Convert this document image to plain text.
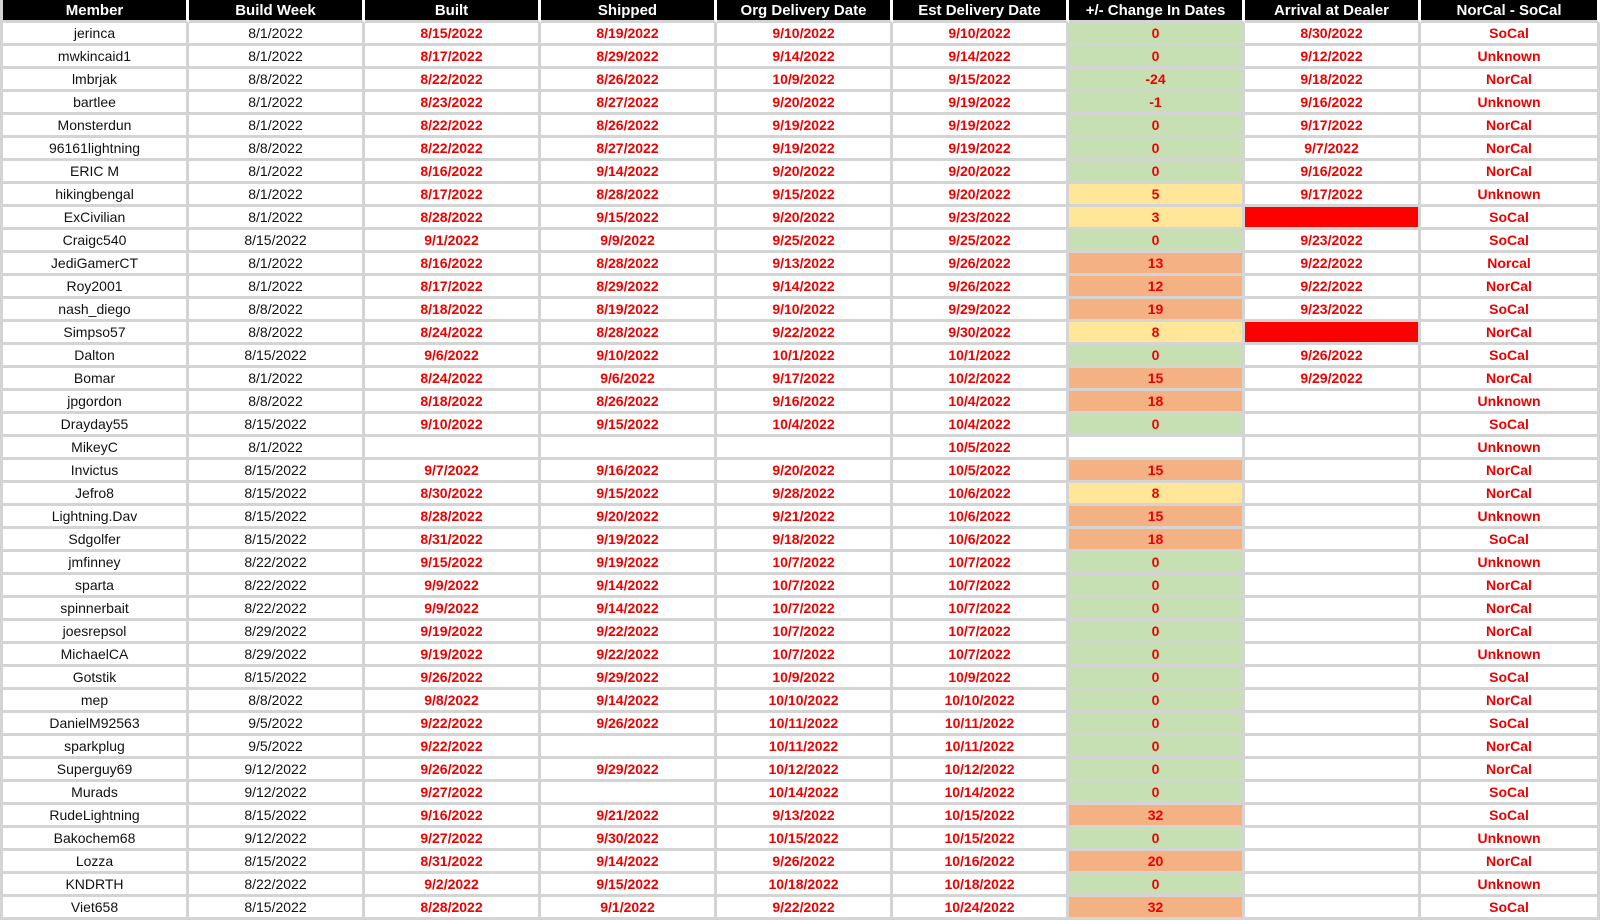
Member	Build Week	Built	Shipped	Org Delivery Date	Est Delivery Date	+/- Change In Dates	Arrival at Dealer	NorCal - SoCal
jerinca	8/1/2022	8/15/2022	8/19/2022	9/10/2022	9/10/2022	0	8/30/2022	SoCal
mwkincaid1	8/1/2022	8/17/2022	8/29/2022	9/14/2022	9/14/2022	0	9/12/2022	Unknown
lmbrjak	8/8/2022	8/22/2022	8/26/2022	10/9/2022	9/15/2022	-24	9/18/2022	NorCal
bartlee	8/1/2022	8/23/2022	8/27/2022	9/20/2022	9/19/2022	-1	9/16/2022	Unknown
Monsterdun	8/1/2022	8/22/2022	8/26/2022	9/19/2022	9/19/2022	0	9/17/2022	NorCal
96161lightning	8/8/2022	8/22/2022	8/27/2022	9/19/2022	9/19/2022	0	9/7/2022	NorCal
ERIC M	8/1/2022	8/16/2022	9/14/2022	9/20/2022	9/20/2022	0	9/16/2022	NorCal
hikingbengal	8/1/2022	8/17/2022	8/28/2022	9/15/2022	9/20/2022	5	9/17/2022	Unknown
ExCivilian	8/1/2022	8/28/2022	9/15/2022	9/20/2022	9/23/2022	3		SoCal
Craigc540	8/15/2022	9/1/2022	9/9/2022	9/25/2022	9/25/2022	0	9/23/2022	SoCal
JediGamerCT	8/1/2022	8/16/2022	8/28/2022	9/13/2022	9/26/2022	13	9/22/2022	Norcal
Roy2001	8/1/2022	8/17/2022	8/29/2022	9/14/2022	9/26/2022	12	9/22/2022	NorCal
nash_diego	8/8/2022	8/18/2022	8/19/2022	9/10/2022	9/29/2022	19	9/23/2022	SoCal
Simpso57	8/8/2022	8/24/2022	8/28/2022	9/22/2022	9/30/2022	8		NorCal
Dalton	8/15/2022	9/6/2022	9/10/2022	10/1/2022	10/1/2022	0	9/26/2022	SoCal
Bomar	8/1/2022	8/24/2022	9/6/2022	9/17/2022	10/2/2022	15	9/29/2022	NorCal
jpgordon	8/8/2022	8/18/2022	8/26/2022	9/16/2022	10/4/2022	18		Unknown
Drayday55	8/15/2022	9/10/2022	9/15/2022	10/4/2022	10/4/2022	0		SoCal
MikeyC	8/1/2022				10/5/2022			Unknown
Invictus	8/15/2022	9/7/2022	9/16/2022	9/20/2022	10/5/2022	15		NorCal
Jefro8	8/15/2022	8/30/2022	9/15/2022	9/28/2022	10/6/2022	8		NorCal
Lightning.Dav	8/15/2022	8/28/2022	9/20/2022	9/21/2022	10/6/2022	15		Unknown
Sdgolfer	8/15/2022	8/31/2022	9/19/2022	9/18/2022	10/6/2022	18		SoCal
jmfinney	8/22/2022	9/15/2022	9/19/2022	10/7/2022	10/7/2022	0		Unknown
sparta	8/22/2022	9/9/2022	9/14/2022	10/7/2022	10/7/2022	0		NorCal
spinnerbait	8/22/2022	9/9/2022	9/14/2022	10/7/2022	10/7/2022	0		NorCal
joesrepsol	8/29/2022	9/19/2022	9/22/2022	10/7/2022	10/7/2022	0		NorCal
MichaelCA	8/29/2022	9/19/2022	9/22/2022	10/7/2022	10/7/2022	0		Unknown
Gotstik	8/15/2022	9/26/2022	9/29/2022	10/9/2022	10/9/2022	0		SoCal
mep	8/8/2022	9/8/2022	9/14/2022	10/10/2022	10/10/2022	0		NorCal
DanielM92563	9/5/2022	9/22/2022	9/26/2022	10/11/2022	10/11/2022	0		SoCal
sparkplug	9/5/2022	9/22/2022		10/11/2022	10/11/2022	0		NorCal
Superguy69	9/12/2022	9/26/2022	9/29/2022	10/12/2022	10/12/2022	0		NorCal
Murads	9/12/2022	9/27/2022		10/14/2022	10/14/2022	0		SoCal
RudeLightning	8/15/2022	9/16/2022	9/21/2022	9/13/2022	10/15/2022	32		SoCal
Bakochem68	9/12/2022	9/27/2022	9/30/2022	10/15/2022	10/15/2022	0		Unknown
Lozza	8/15/2022	8/31/2022	9/14/2022	9/26/2022	10/16/2022	20		NorCal
KNDRTH	8/22/2022	9/2/2022	9/15/2022	10/18/2022	10/18/2022	0		Unknown
Viet658	8/15/2022	8/28/2022	9/1/2022	9/22/2022	10/24/2022	32		SoCal
